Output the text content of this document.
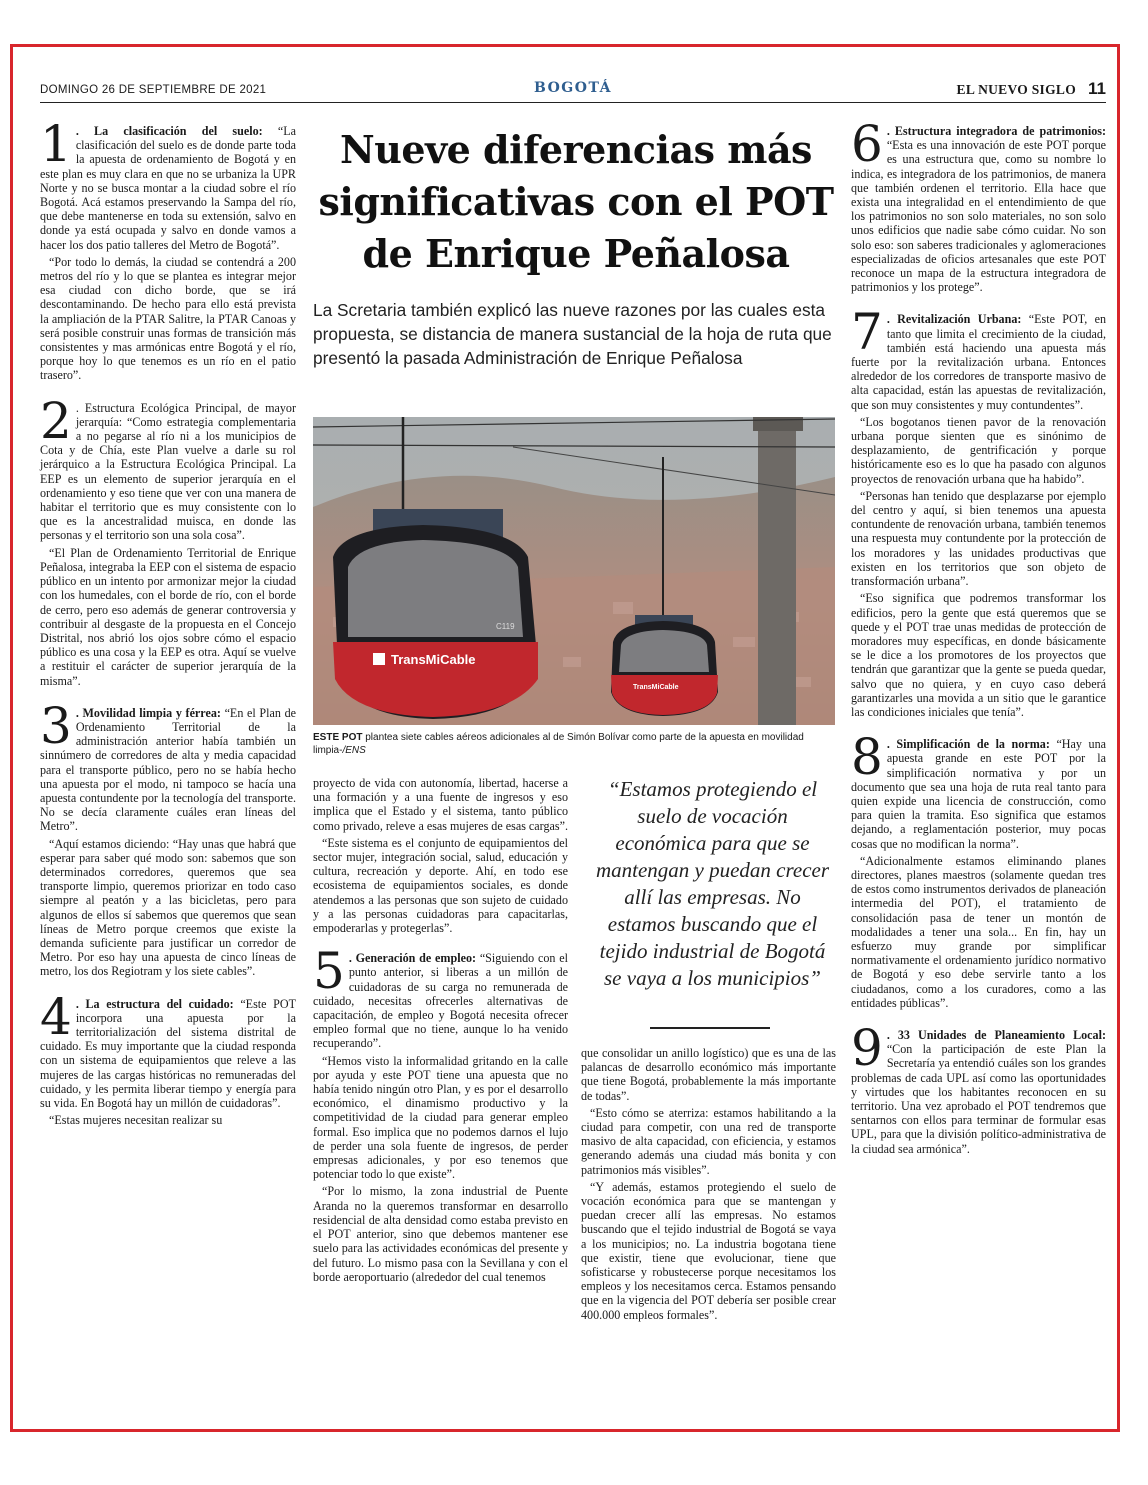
DOMINGO 26 DE SEPTIEMBRE DE 2021	BOGOTÁ	EL NUEVO SIGLO 11

1 . La clasificación del suelo: “La clasificación del suelo es de donde parte toda la apuesta de ordenamiento de Bogotá y en este plan es muy clara en que no se urbaniza la UPR Norte y no se busca montar a la ciudad sobre el río Bogotá. Acá estamos preservando la Sampa del río, que debe mantenerse en toda su extensión, salvo en donde ya está ocupada y salvo en donde vamos a hacer los dos patio talleres del Metro de Bogotá”.

“Por todo lo demás, la ciudad se contendrá a 200 metros del río y lo que se plantea es integrar mejor esa ciudad con dicho borde, que se irá descontaminando. De hecho para ello está prevista la ampliación de la PTAR Salitre, la PTAR Canoas y será posible construir unas formas de transición más consistentes y mas armónicas entre Bogotá y el río, porque hoy lo que tenemos es un río en el patio trasero”.

2 . Estructura Ecológica Principal, de mayor jerarquía: “Como estrategia complementaria a no pegarse al río ni a los municipios de Cota y de Chía, este Plan vuelve a darle su rol jerárquico a la Estructura Ecológica Principal. La EEP es un elemento de superior jerarquía en el ordenamiento y eso tiene que ver con una manera de habitar el territorio que es muy consistente con lo que es la ancestralidad muisca, en donde las personas y el territorio son una sola cosa”.

“El Plan de Ordenamiento Territorial de Enrique Peñalosa, integraba la EEP con el sistema de espacio público en un intento por armonizar mejor la ciudad con los humedales, con el borde de río, con el borde de cerro, pero eso además de generar controversia y contribuir al desgaste de la propuesta en el Concejo Distrital, nos abrió los ojos sobre cómo el espacio público es una cosa y la EEP es otra. Aquí se vuelve a restituir el carácter de superior jerarquía de la misma”.

3 . Movilidad limpia y férrea: “En el Plan de Ordenamiento Territorial de la administración anterior había también un sinnúmero de corredores de alta y media capacidad para el transporte público, pero no se había hecho una apuesta por el modo, ni tampoco se hacía una apuesta contundente por la tecnología del transporte. No se decía claramente cuáles eran líneas del Metro”.

“Aquí estamos diciendo: “Hay unas que habrá que esperar para saber qué modo son: sabemos que son determinados corredores, queremos que sea transporte limpio, queremos priorizar en todo caso siempre al peatón y a las bicicletas, pero para algunos de ellos sí sabemos que queremos que sean líneas de Metro porque creemos que existe la demanda suficiente para justificar un corredor de Metro. Por eso hay una apuesta de cinco líneas de metro, los dos Regiotram y los siete cables”.

4 . La estructura del cuidado: “Este POT incorpora una apuesta por la territorialización del sistema distrital de cuidado. Es muy importante que la ciudad responda con un sistema de equipamientos que releve a las mujeres de las cargas históricas no remuneradas del cuidado, y les permita liberar tiempo y energía para su vida. En Bogotá hay un millón de cuidadoras”.

“Estas mujeres necesitan realizar su

Nueve diferencias más significativas con el POT de Enrique Peñalosa
La Scretaria también explicó las nueve razones por las cuales esta propuesta, se distancia de manera sustancial de la hoja de ruta que presentó la pasada Administración de Enrique Peñalosa
TransMiCable
C119
TransMiCable
ESTE POT plantea siete cables aéreos adicionales al de Simón Bolívar como parte de la apuesta en movilidad limpia-/ENS

proyecto de vida con autonomía, libertad, hacerse a una formación y a una fuente de ingresos y eso implica que el Estado y el sistema, tanto público como privado, releve a esas mujeres de esas cargas”.

“Este sistema es el conjunto de equipamientos del sector mujer, integración social, salud, educación y cultura, recreación y deporte. Ahí, en todo ese ecosistema de equipamientos sociales, es donde atendemos a las personas que son sujeto de cuidado y a las personas cuidadoras para capacitarlas, empoderarlas y protegerlas”.

5 . Generación de empleo: “Siguiendo con el punto anterior, si liberas a un millón de cuidadoras de su carga no remunerada de cuidado, necesitas ofrecerles alternativas de capacitación, de empleo y Bogotá necesita ofrecer empleo formal que no tiene, aunque lo ha venido recuperando”.

“Hemos visto la informalidad gritando en la calle por ayuda y este POT tiene una apuesta que no había tenido ningún otro Plan, y es por el desarrollo económico, el dinamismo productivo y la competitividad de la ciudad para generar empleo formal. Eso implica que no podemos darnos el lujo de perder una sola fuente de ingresos, de perder empresas adicionales, y por eso tenemos que potenciar todo lo que existe”.

“Por lo mismo, la zona industrial de Puente Aranda no la queremos transformar en desarrollo residencial de alta densidad como estaba previsto en el POT anterior, sino que debemos mantener ese suelo para las actividades económicas del presente y del futuro. Lo mismo pasa con la Sevillana y con el borde aeroportuario (alrededor del cual tenemos

“Estamos protegiendo el suelo de vocación económica para que se mantengan y puedan crecer allí las empresas. No estamos buscando que el tejido industrial de Bogotá se vaya a los municipios”

que consolidar un anillo logístico) que es una de las palancas de desarrollo económico más importante que tiene Bogotá, probablemente la más importante de todas”.

“Esto cómo se aterriza: estamos habilitando a la ciudad para competir, con una red de transporte masivo de alta capacidad, con eficiencia, y estamos generando además una ciudad más bonita y con patrimonios más visibles”.

“Y además, estamos protegiendo el suelo de vocación económica para que se mantengan y puedan crecer allí las empresas. No estamos buscando que el tejido industrial de Bogotá se vaya a los municipios; no. La industria bogotana tiene que existir, tiene que evolucionar, tiene que sofisticarse y robustecerse porque necesitamos los empleos y los necesitamos cerca. Estamos pensando que en la vigencia del POT debería ser posible crear 400.000 empleos formales”.

6 . Estructura integradora de patrimonios: “Esta es una innovación de este POT porque es una estructura que, como su nombre lo indica, es integradora de los patrimonios, de manera que también ordenen el territorio. Ella hace que exista una integralidad en el entendimiento de que los patrimonios no son solo materiales, no son solo unos edificios que nadie sabe cómo cuidar. No son solo eso: son saberes tradicionales y aglomeraciones especializadas de oficios artesanales que este POT reconoce un mapa de la estructura integradora de patrimonios y los protege”.

7 . Revitalización Urbana: “Este POT, en tanto que limita el crecimiento de la ciudad, también está haciendo una apuesta más fuerte por la revitalización urbana. Entonces alrededor de los corredores de transporte masivo de alta capacidad, están las apuestas de revitalización, que son muy consistentes y muy contundentes”.

“Los bogotanos tienen pavor de la renovación urbana porque sienten que es sinónimo de desplazamiento, de gentrificación y porque históricamente eso es lo que ha pasado con algunos proyectos de renovación urbana que ha habido”.

“Personas han tenido que desplazarse por ejemplo del centro y aquí, si bien tenemos una apuesta contundente de renovación urbana, también tenemos una respuesta muy contundente por la protección de los moradores y las unidades productivas que existen en los territorios que son objeto de transformación urbana”.

“Eso significa que podremos transformar los edificios, pero la gente que está queremos que se quede y el POT trae unas medidas de protección de moradores muy específicas, en donde básicamente se le dice a los promotores de los proyectos que tendrán que garantizar que la gente se pueda quedar, salvo que no quiera, y en cuyo caso deberá garantizarles una movida a un sitio que le garantice las condiciones iniciales que tenía”.

8 . Simplificación de la norma: “Hay una apuesta grande en este POT por la simplificación normativa y por un documento que sea una hoja de ruta real tanto para quien expide una licencia de construcción, como para quien la tramita. Eso significa que estamos dejando, a reglamentación posterior, muy pocas cosas que no modifican la norma”.

“Adicionalmente estamos eliminando planes directores, planes maestros (solamente quedan tres de estos como instrumentos derivados de planeación intermedia del POT), el tratamiento de consolidación pasa de tener un montón de modalidades a tener una sola... En fin, hay un esfuerzo muy grande por simplificar normativamente el ordenamiento jurídico normativo de Bogotá y eso debe servirle tanto a los ciudadanos, como a los curadores, como a las entidades públicas”.

9 . 33 Unidades de Planeamiento Local: “Con la participación de este Plan la Secretaría ya entendió cuáles son los grandes problemas de cada UPL así como las oportunidades y virtudes que los habitantes reconocen en su territorio. Una vez aprobado el POT tendremos que sentarnos con ellos para terminar de formular esas UPL, para que la división político-administrativa de la ciudad sea armónica”.
